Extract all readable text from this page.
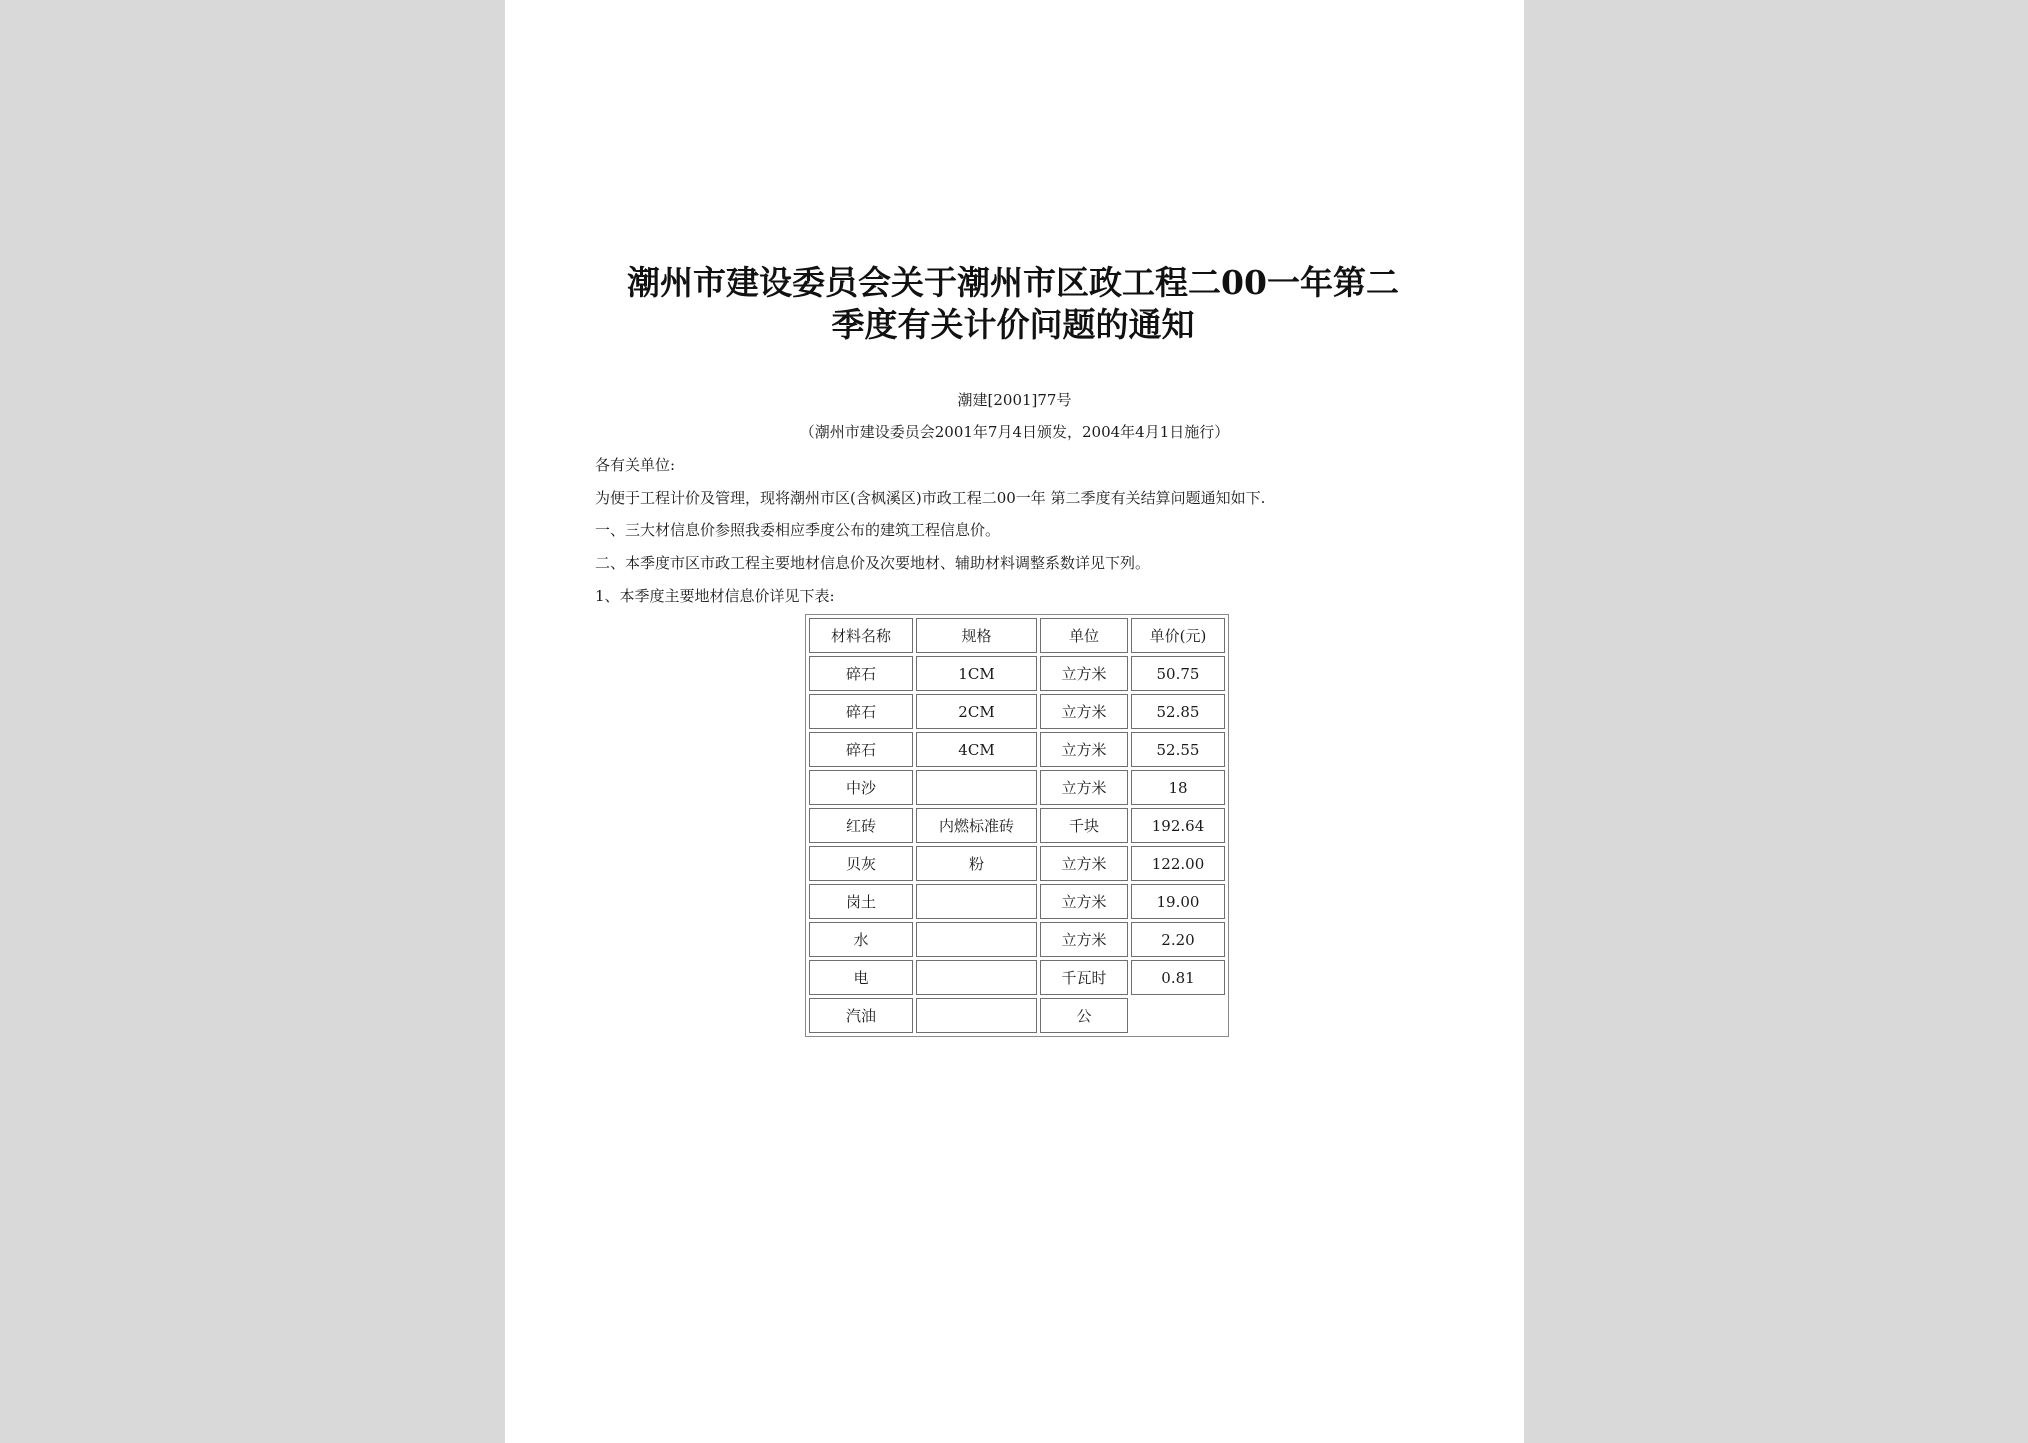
潮州市建设委员会关于潮州市区政工程二00一年第二
季度有关计价问题的通知
潮建[2001]77号
（潮州市建设委员会2001年7月4日颁发，2004年4月1日施行）
各有关单位:
为便于工程计价及管理，现将潮州市区(含枫溪区)市政工程二00一年 第二季度有关结算问题通知如下.
一、三大材信息价参照我委相应季度公布的建筑工程信息价。
二、本季度市区市政工程主要地材信息价及次要地材、辅助材料调整系数详见下列。
1、本季度主要地材信息价详见下表:
材料名称	规格	单位	单价(元)
碎石	1CM	立方米	50.75
碎石	2CM	立方米	52.85
碎石	4CM	立方米	52.55
中沙		立方米	18
红砖	内燃标准砖	千块	192.64
贝灰	粉	立方米	122.00
岗土		立方米	19.00
水		立方米	2.20
电		千瓦时	0.81
汽油		公	
